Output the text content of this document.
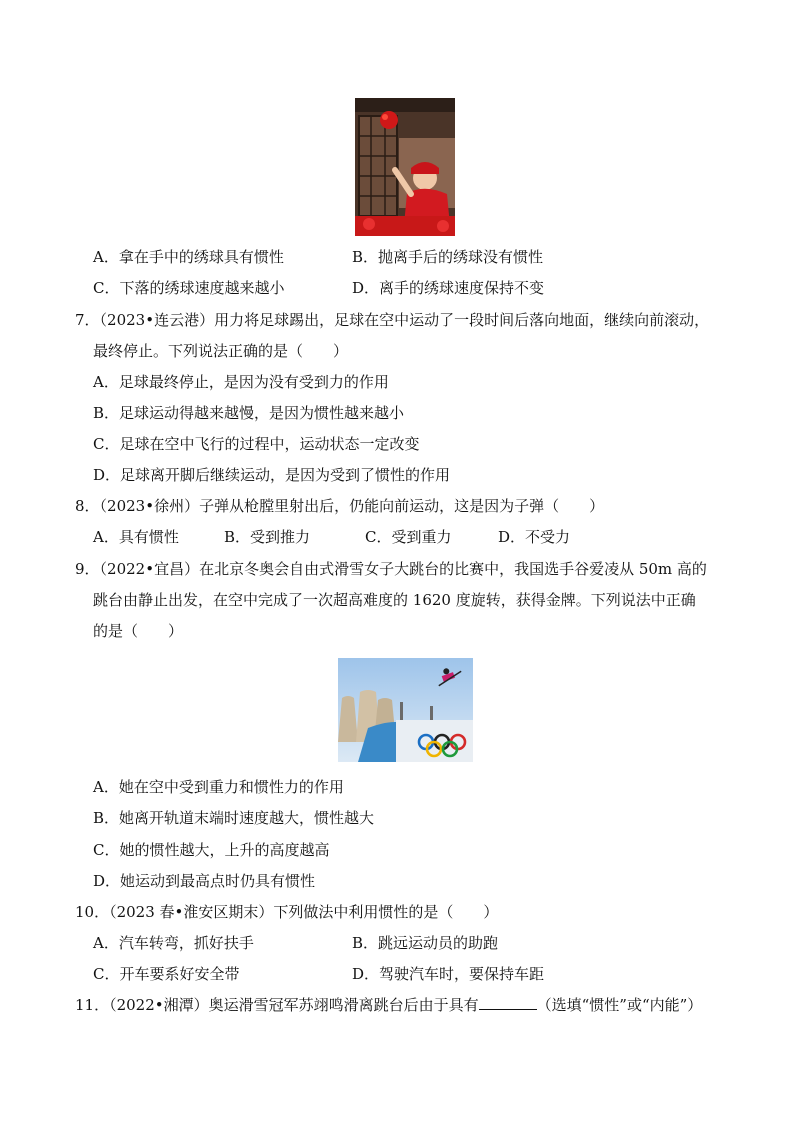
A．拿在手中的绣球具有惯性	B．抛离手后的绣球没有惯性
C．下落的绣球速度越来越小	D．离手的绣球速度保持不变
7．（2023•连云港）用力将足球踢出，足球在空中运动了一段时间后落向地面，继续向前滚动，
最终停止。下列说法正确的是（　　）
A．足球最终停止，是因为没有受到力的作用
B．足球运动得越来越慢，是因为惯性越来越小
C．足球在空中飞行的过程中，运动状态一定改变
D．足球离开脚后继续运动，是因为受到了惯性的作用
8．（2023•徐州）子弹从枪膛里射出后，仍能向前运动，这是因为子弹（　　）
A．具有惯性	B．受到推力	C．受到重力	D．不受力
9．（2022•宜昌）在北京冬奥会自由式滑雪女子大跳台的比赛中，我国选手谷爱凌从 50m 高的
跳台由静止出发，在空中完成了一次超高难度的 1620 度旋转，获得金牌。下列说法中正确
的是（　　）
A．她在空中受到重力和惯性力的作用
B．她离开轨道末端时速度越大，惯性越大
C．她的惯性越大，上升的高度越高
D．她运动到最高点时仍具有惯性
10．（2023 春•淮安区期末）下列做法中利用惯性的是（　　）
A．汽车转弯，抓好扶手	B．跳远运动员的助跑
C．开车要系好安全带	D．驾驶汽车时，要保持车距
11．（2022•湘潭）奥运滑雪冠军苏翊鸣滑离跳台后由于具有	（选填“惯性”或“内能”）
